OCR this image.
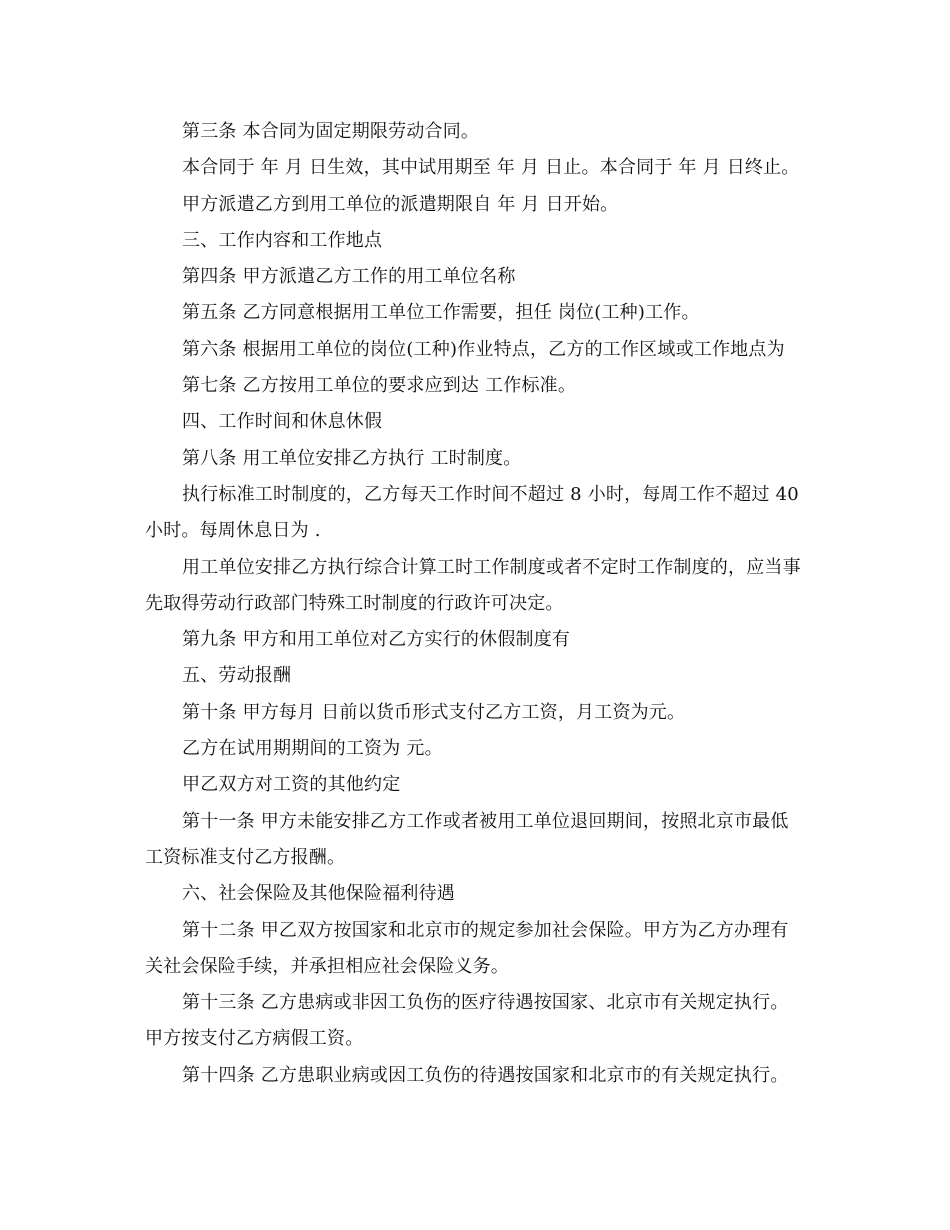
第三条 本合同为固定期限劳动合同。

本合同于 年 月 日生效，其中试用期至 年 月 日止。本合同于 年 月 日终止。

甲方派遣乙方到用工单位的派遣期限自 年 月 日开始。

三、工作内容和工作地点

第四条 甲方派遣乙方工作的用工单位名称

第五条 乙方同意根据用工单位工作需要，担任 岗位(工种)工作。

第六条 根据用工单位的岗位(工种)作业特点，乙方的工作区域或工作地点为

第七条 乙方按用工单位的要求应到达 工作标准。

四、工作时间和休息休假

第八条 用工单位安排乙方执行 工时制度。

执行标准工时制度的，乙方每天工作时间不超过 8 小时，每周工作不超过 40 小时。每周休息日为 .

用工单位安排乙方执行综合计算工时工作制度或者不定时工作制度的，应当事先取得劳动行政部门特殊工时制度的行政许可决定。

第九条 甲方和用工单位对乙方实行的休假制度有

五、劳动报酬

第十条 甲方每月 日前以货币形式支付乙方工资，月工资为元。

乙方在试用期期间的工资为 元。

甲乙双方对工资的其他约定

第十一条 甲方未能安排乙方工作或者被用工单位退回期间，按照北京市最低工资标准支付乙方报酬。

六、社会保险及其他保险福利待遇

第十二条 甲乙双方按国家和北京市的规定参加社会保险。甲方为乙方办理有关社会保险手续，并承担相应社会保险义务。

第十三条 乙方患病或非因工负伤的医疗待遇按国家、北京市有关规定执行。甲方按支付乙方病假工资。

第十四条 乙方患职业病或因工负伤的待遇按国家和北京市的有关规定执行。
